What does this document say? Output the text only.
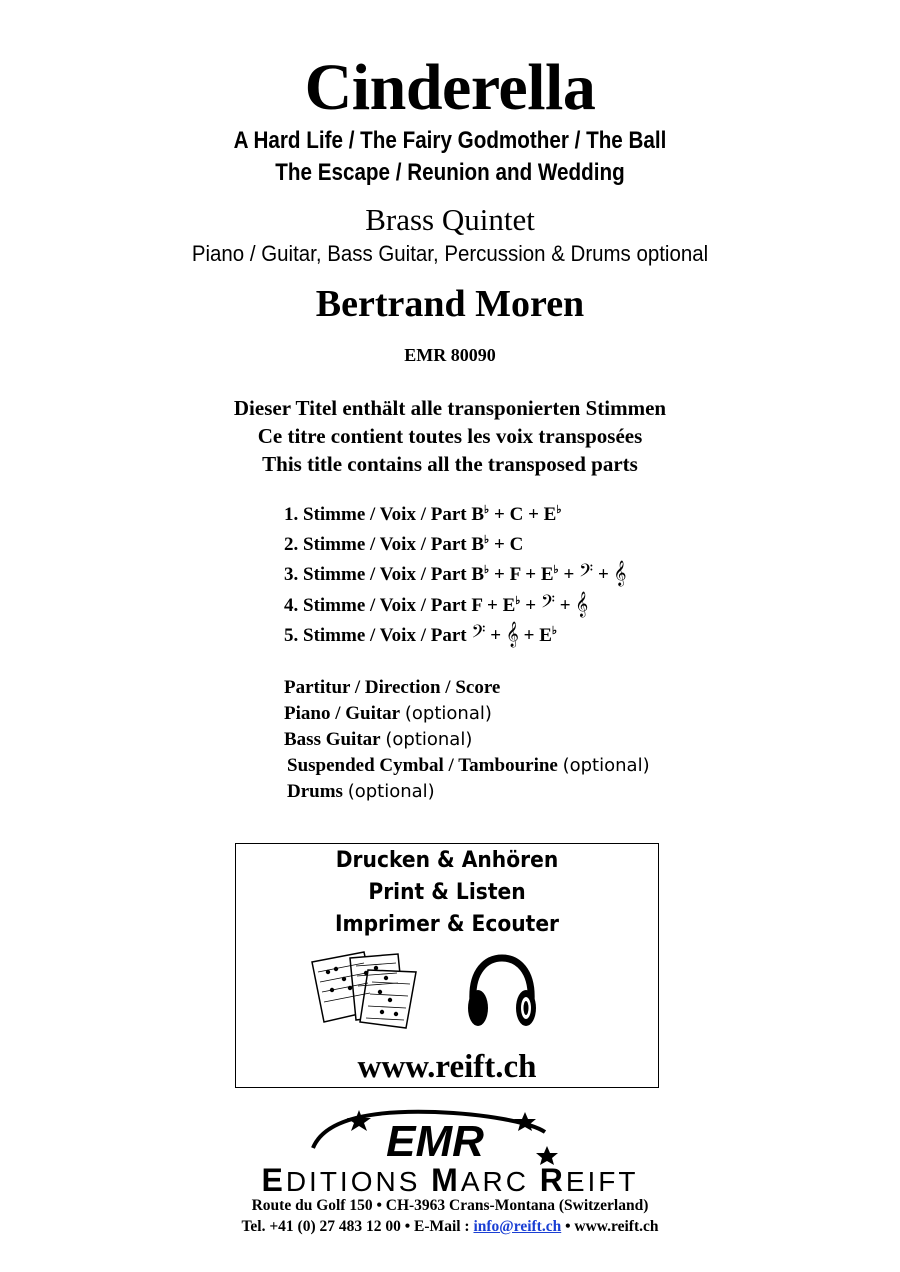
Cinderella
A Hard Life / The Fairy Godmother / The Ball
The Escape / Reunion and Wedding
Brass Quintet
Piano / Guitar, Bass Guitar, Percussion & Drums optional
Bertrand Moren
EMR 80090
Dieser Titel enthält alle transponierten Stimmen
Ce titre contient toutes les voix transposées
This title contains all the transposed parts
1. Stimme / Voix / Part B♭ + C + E♭
2. Stimme / Voix / Part B♭ + C
3. Stimme / Voix / Part B♭ + F + E♭ + 𝄢 + 𝄞
4. Stimme / Voix / Part F + E♭ + 𝄢 + 𝄞
5. Stimme / Voix / Part 𝄢 + 𝄞 + E♭
Partitur / Direction / Score
Piano / Guitar (optional)
Bass Guitar (optional)
Suspended Cymbal / Tambourine (optional)
Drums (optional)
Drucken & Anhören
Print & Listen
Imprimer & Ecouter
www.reift.ch
EMR
EDITIONS MARC REIFT
Route du Golf 150 • CH-3963 Crans-Montana (Switzerland)
Tel. +41 (0) 27 483 12 00 • E-Mail : info@reift.ch • www.reift.ch
